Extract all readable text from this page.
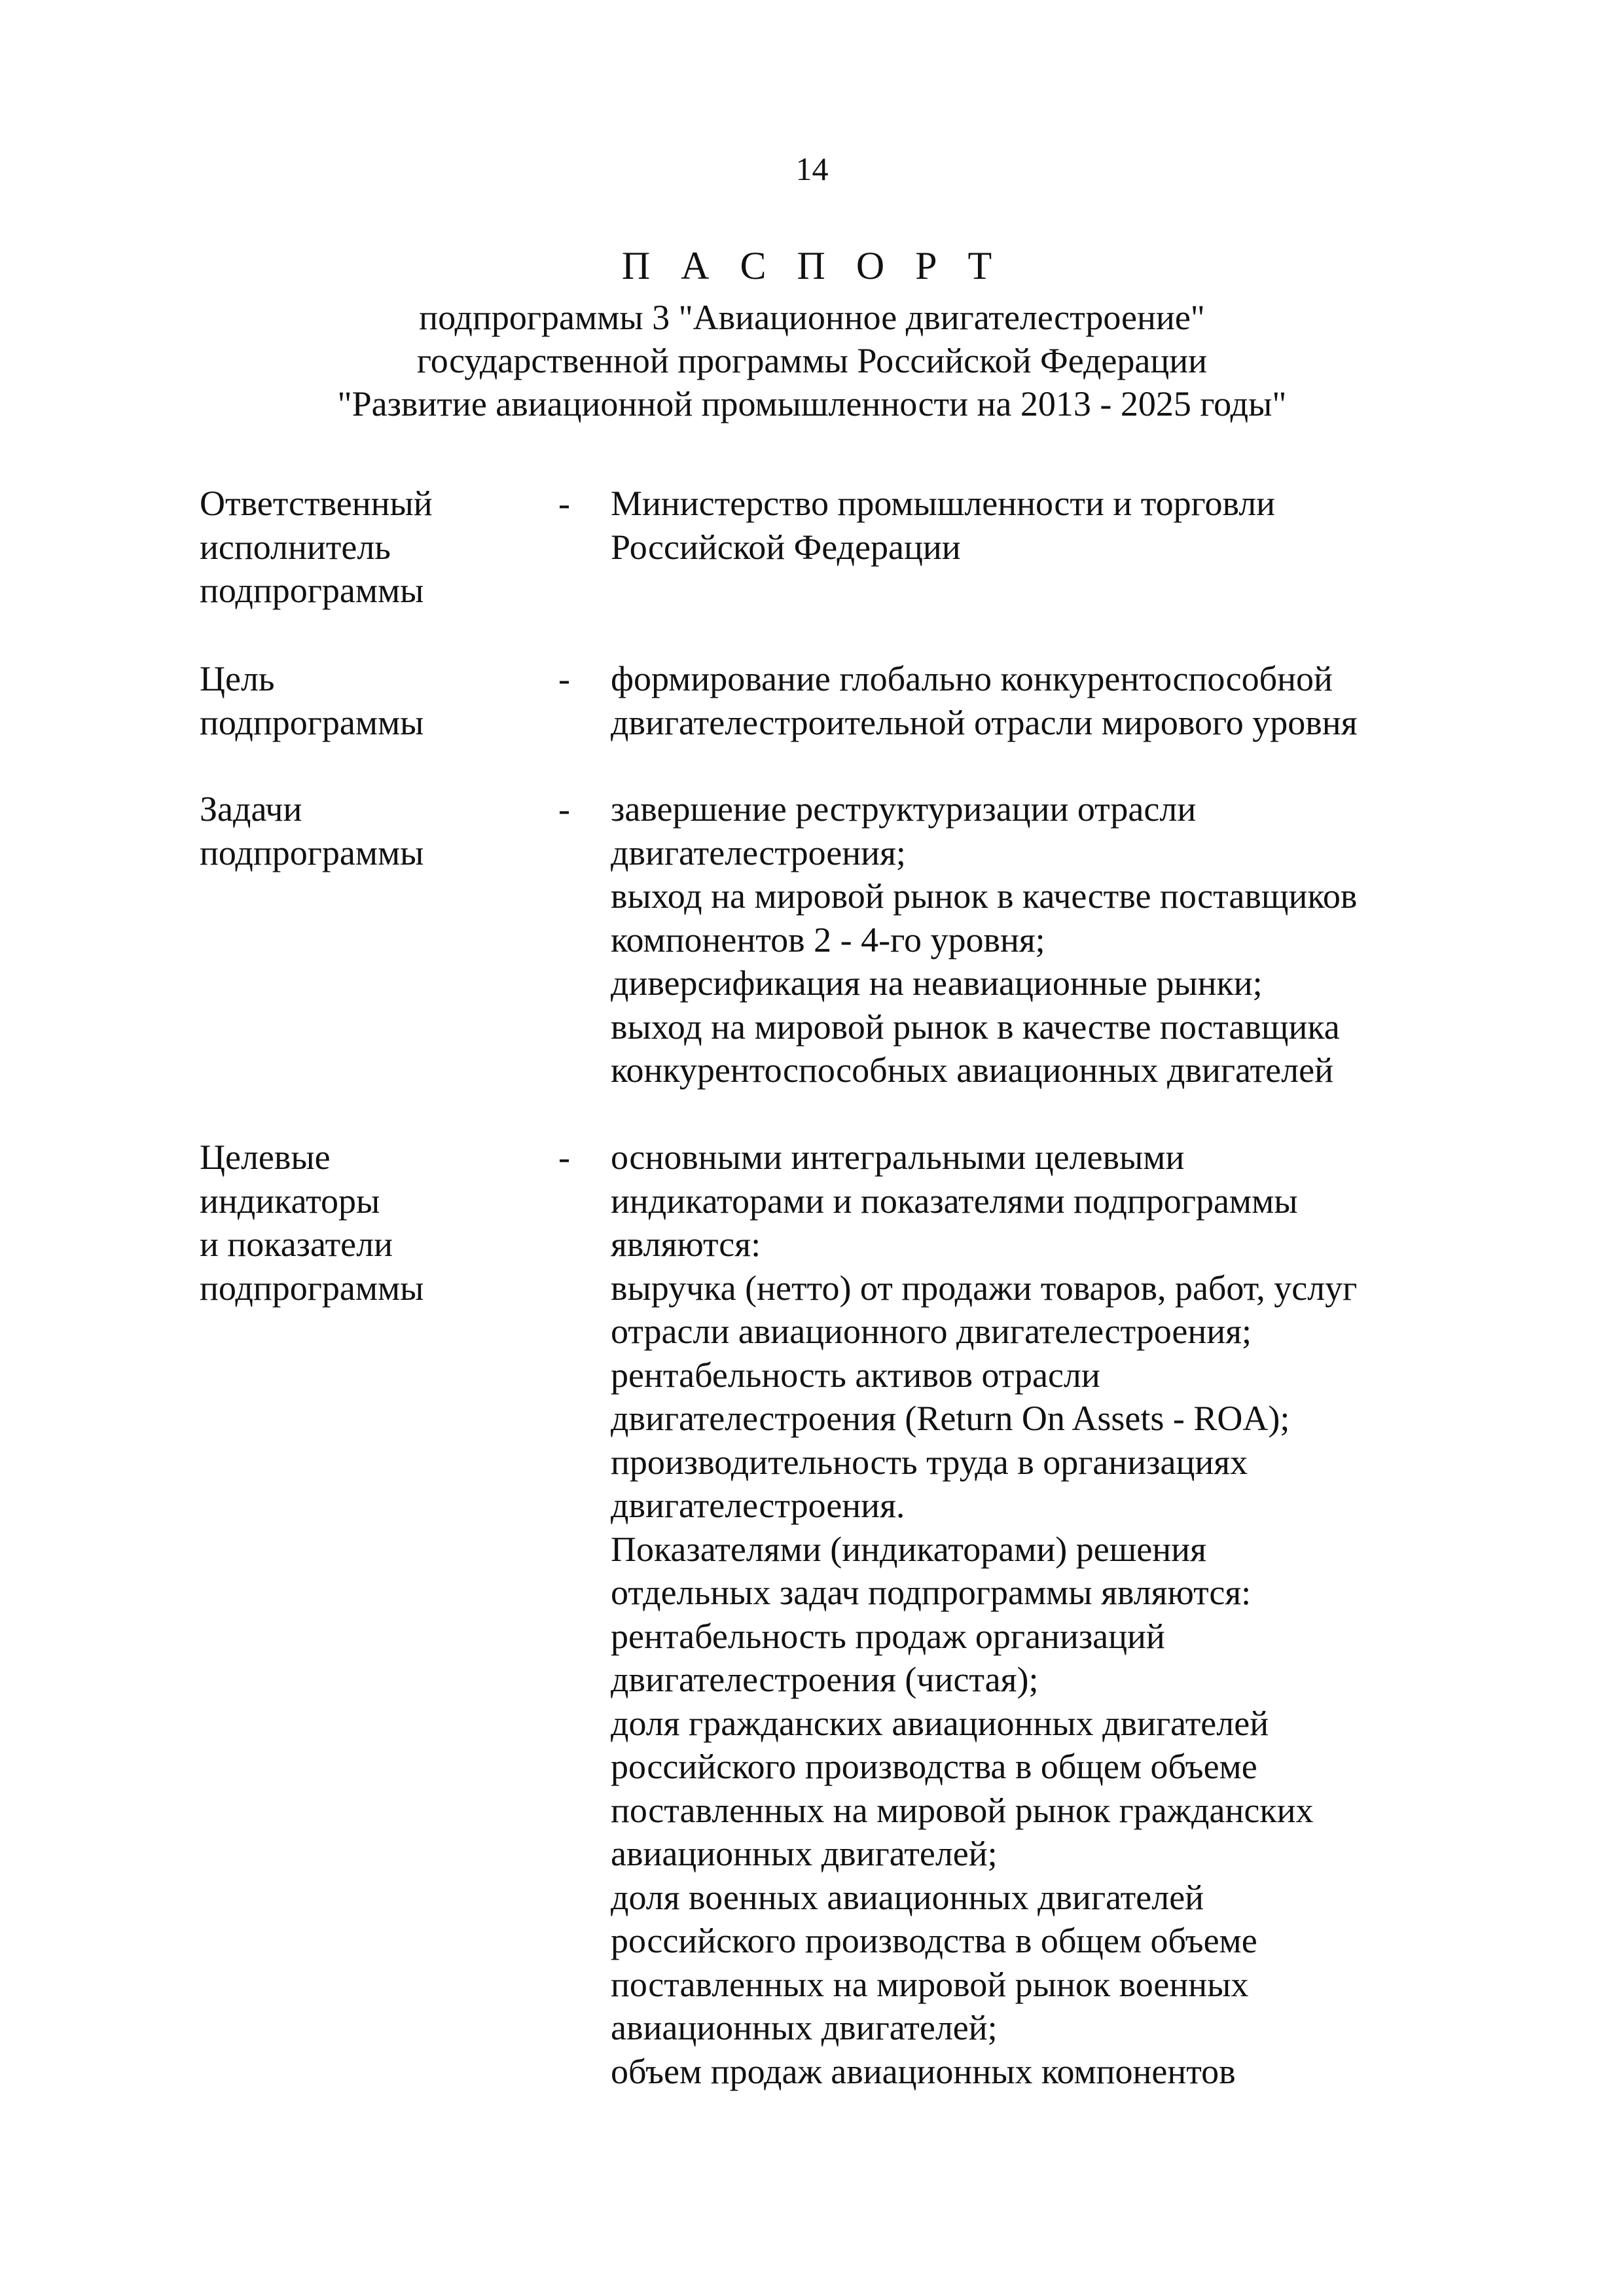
14
П А С П О Р Т
подпрограммы 3 "Авиационное двигателестроение"
государственной программы Российской Федерации
"Развитие авиационной промышленности на 2013 - 2025 годы"
Ответственный
исполнитель
подпрограммы
- Министерство промышленности и торговли
Российской Федерации
Цель
подпрограммы
- формирование глобально конкурентоспособной
двигателестроительной отрасли мирового уровня
Задачи
подпрограммы
- завершение реструктуризации отрасли
двигателестроения;
выход на мировой рынок в качестве поставщиков
компонентов 2 - 4-го уровня;
диверсификация на неавиационные рынки;
выход на мировой рынок в качестве поставщика
конкурентоспособных авиационных двигателей
Целевые
индикаторы
и показатели
подпрограммы
- основными интегральными целевыми
индикаторами и показателями подпрограммы
являются:
выручка (нетто) от продажи товаров, работ, услуг
отрасли авиационного двигателестроения;
рентабельность активов отрасли
двигателестроения (Return On Assets - ROA);
производительность труда в организациях
двигателестроения.
Показателями (индикаторами) решения
отдельных задач подпрограммы являются:
рентабельность продаж организаций
двигателестроения (чистая);
доля гражданских авиационных двигателей
российского производства в общем объеме
поставленных на мировой рынок гражданских
авиационных двигателей;
доля военных авиационных двигателей
российского производства в общем объеме
поставленных на мировой рынок военных
авиационных двигателей;
объем продаж авиационных компонентов
